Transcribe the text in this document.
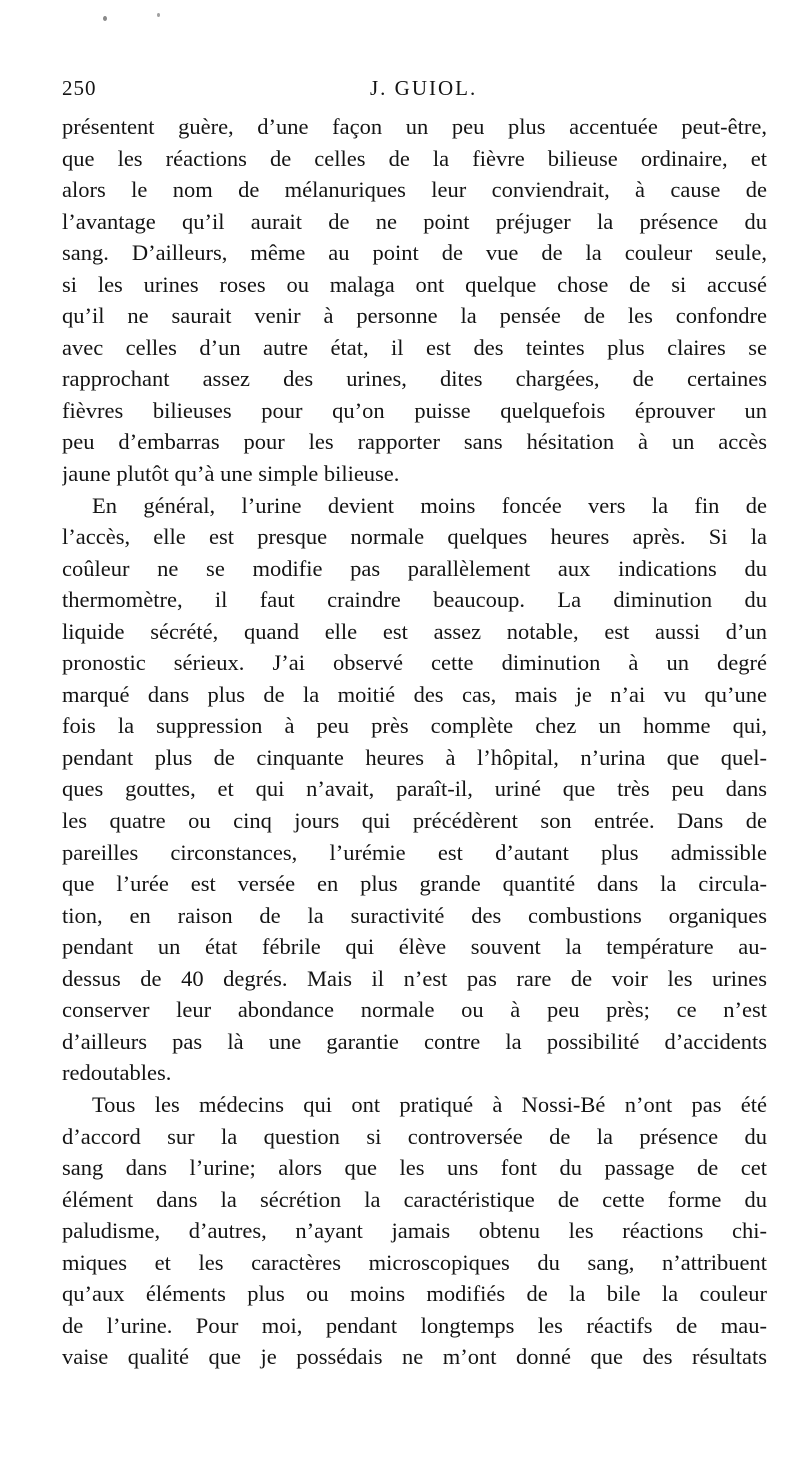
250	J. GUIOL.
présentent guère, d’une façon un peu plus accentuée peut-être,
que les réactions de celles de la fièvre bilieuse ordinaire, et
alors le nom de mélanuriques leur conviendrait, à cause de
l’avantage qu’il aurait de ne point préjuger la présence du
sang. D’ailleurs, même au point de vue de la couleur seule,
si les urines roses ou malaga ont quelque chose de si accusé
qu’il ne saurait venir à personne la pensée de les confondre
avec celles d’un autre état, il est des teintes plus claires se
rapprochant assez des urines, dites chargées, de certaines
fièvres bilieuses pour qu’on puisse quelquefois éprouver un
peu d’embarras pour les rapporter sans hésitation à un accès
jaune plutôt qu’à une simple bilieuse.
En général, l’urine devient moins foncée vers la fin de
l’accès, elle est presque normale quelques heures après. Si la
coûleur ne se modifie pas parallèlement aux indications du
thermomètre, il faut craindre beaucoup. La diminution du
liquide sécrété, quand elle est assez notable, est aussi d’un
pronostic sérieux. J’ai observé cette diminution à un degré
marqué dans plus de la moitié des cas, mais je n’ai vu qu’une
fois la suppression à peu près complète chez un homme qui,
pendant plus de cinquante heures à l’hôpital, n’urina que quel-
ques gouttes, et qui n’avait, paraît-il, uriné que très peu dans
les quatre ou cinq jours qui précédèrent son entrée. Dans de
pareilles circonstances, l’urémie est d’autant plus admissible
que l’urée est versée en plus grande quantité dans la circula-
tion, en raison de la suractivité des combustions organiques
pendant un état fébrile qui élève souvent la température au-
dessus de 40 degrés. Mais il n’est pas rare de voir les urines
conserver leur abondance normale ou à peu près; ce n’est
d’ailleurs pas là une garantie contre la possibilité d’accidents
redoutables.
Tous les médecins qui ont pratiqué à Nossi-Bé n’ont pas été
d’accord sur la question si controversée de la présence du
sang dans l’urine; alors que les uns font du passage de cet
élément dans la sécrétion la caractéristique de cette forme du
paludisme, d’autres, n’ayant jamais obtenu les réactions chi-
miques et les caractères microscopiques du sang, n’attribuent
qu’aux éléments plus ou moins modifiés de la bile la couleur
de l’urine. Pour moi, pendant longtemps les réactifs de mau-
vaise qualité que je possédais ne m’ont donné que des résultats
